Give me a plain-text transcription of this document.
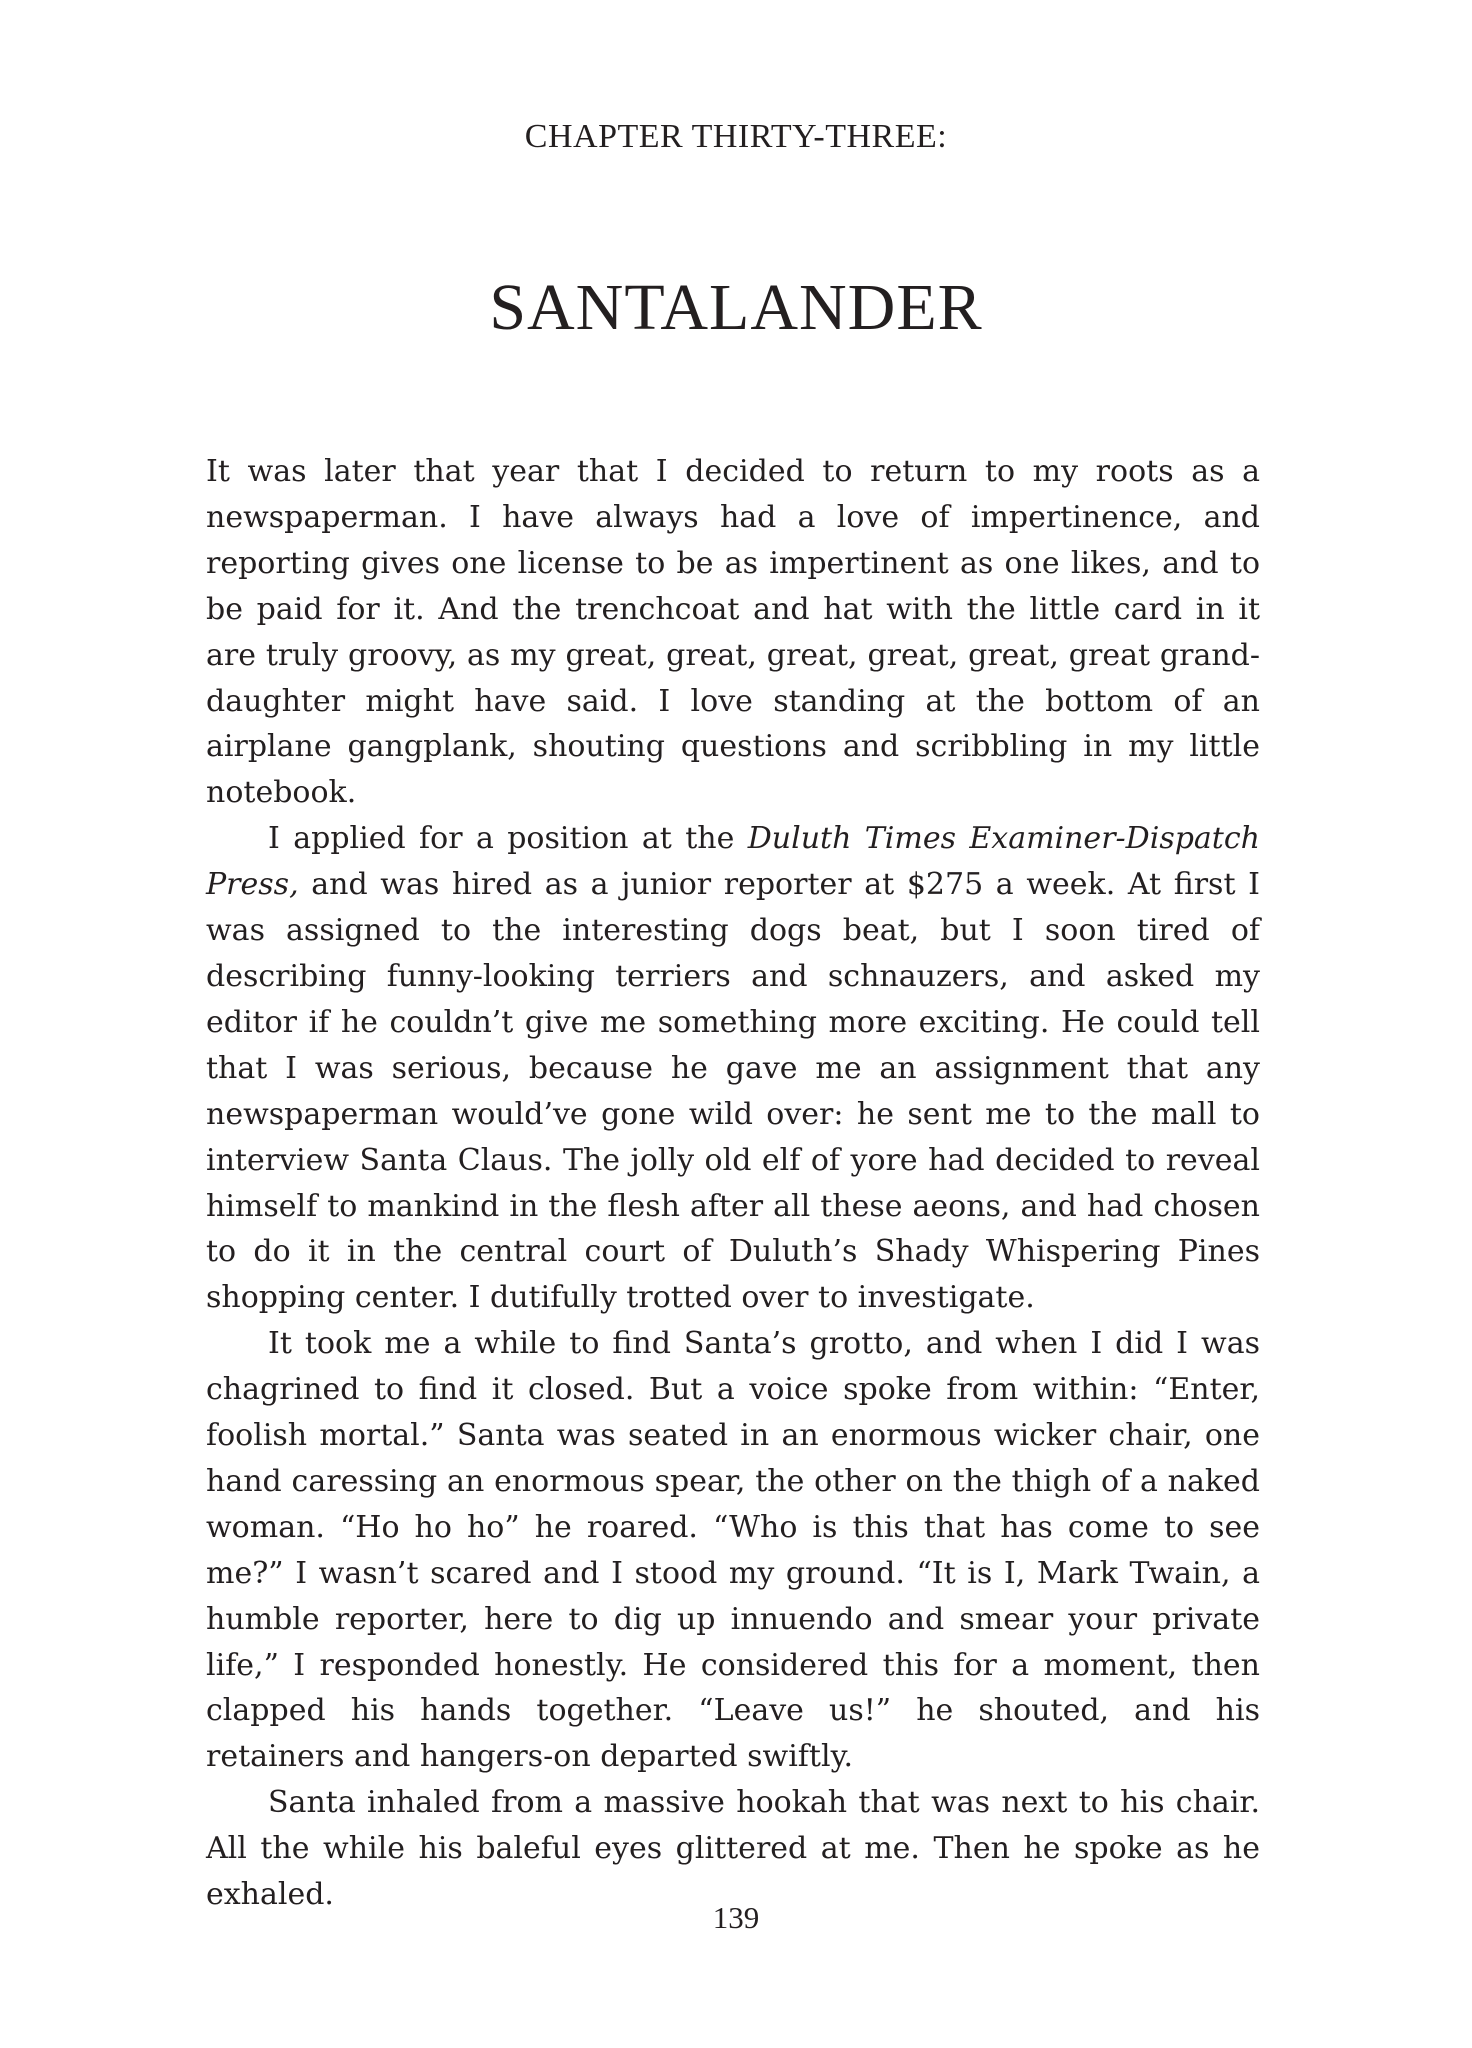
CHAPTER THIRTY-THREE:
SANTALANDER

It was later that year that I decided to return to my roots as a newspaperman. I have always had a love of impertinence, and reporting gives one license to be as impertinent as one likes, and to be paid for it. And the trenchcoat and hat with the little card in it are truly groovy, as my great, great, great, great, great, great grand-daughter might have said. I love standing at the bottom of an airplane gangplank, shouting questions and scribbling in my little notebook.

I applied for a position at the Duluth Times Examiner-Dispatch Press, and was hired as a junior reporter at $275 a week. At first I was assigned to the interesting dogs beat, but I soon tired of describing funny-looking terriers and schnauzers, and asked my editor if he couldn’t give me something more exciting. He could tell that I was serious, because he gave me an assignment that any newspaperman would’ve gone wild over: he sent me to the mall to interview Santa Claus. The jolly old elf of yore had decided to reveal himself to mankind in the flesh after all these aeons, and had chosen to do it in the central court of Duluth’s Shady Whispering Pines shopping center. I dutifully trotted over to investigate.

It took me a while to find Santa’s grotto, and when I did I was chagrined to find it closed. But a voice spoke from within: “Enter, foolish mortal.” Santa was seated in an enormous wicker chair, one hand caressing an enormous spear, the other on the thigh of a naked woman. “Ho ho ho” he roared. “Who is this that has come to see me?” I wasn’t scared and I stood my ground. “It is I, Mark Twain, a humble reporter, here to dig up innuendo and smear your private life,” I responded honestly. He considered this for a moment, then clapped his hands together. “Leave us!” he shouted, and his retainers and hangers-on departed swiftly.

Santa inhaled from a massive hookah that was next to his chair. All the while his baleful eyes glittered at me. Then he spoke as he exhaled.

139
